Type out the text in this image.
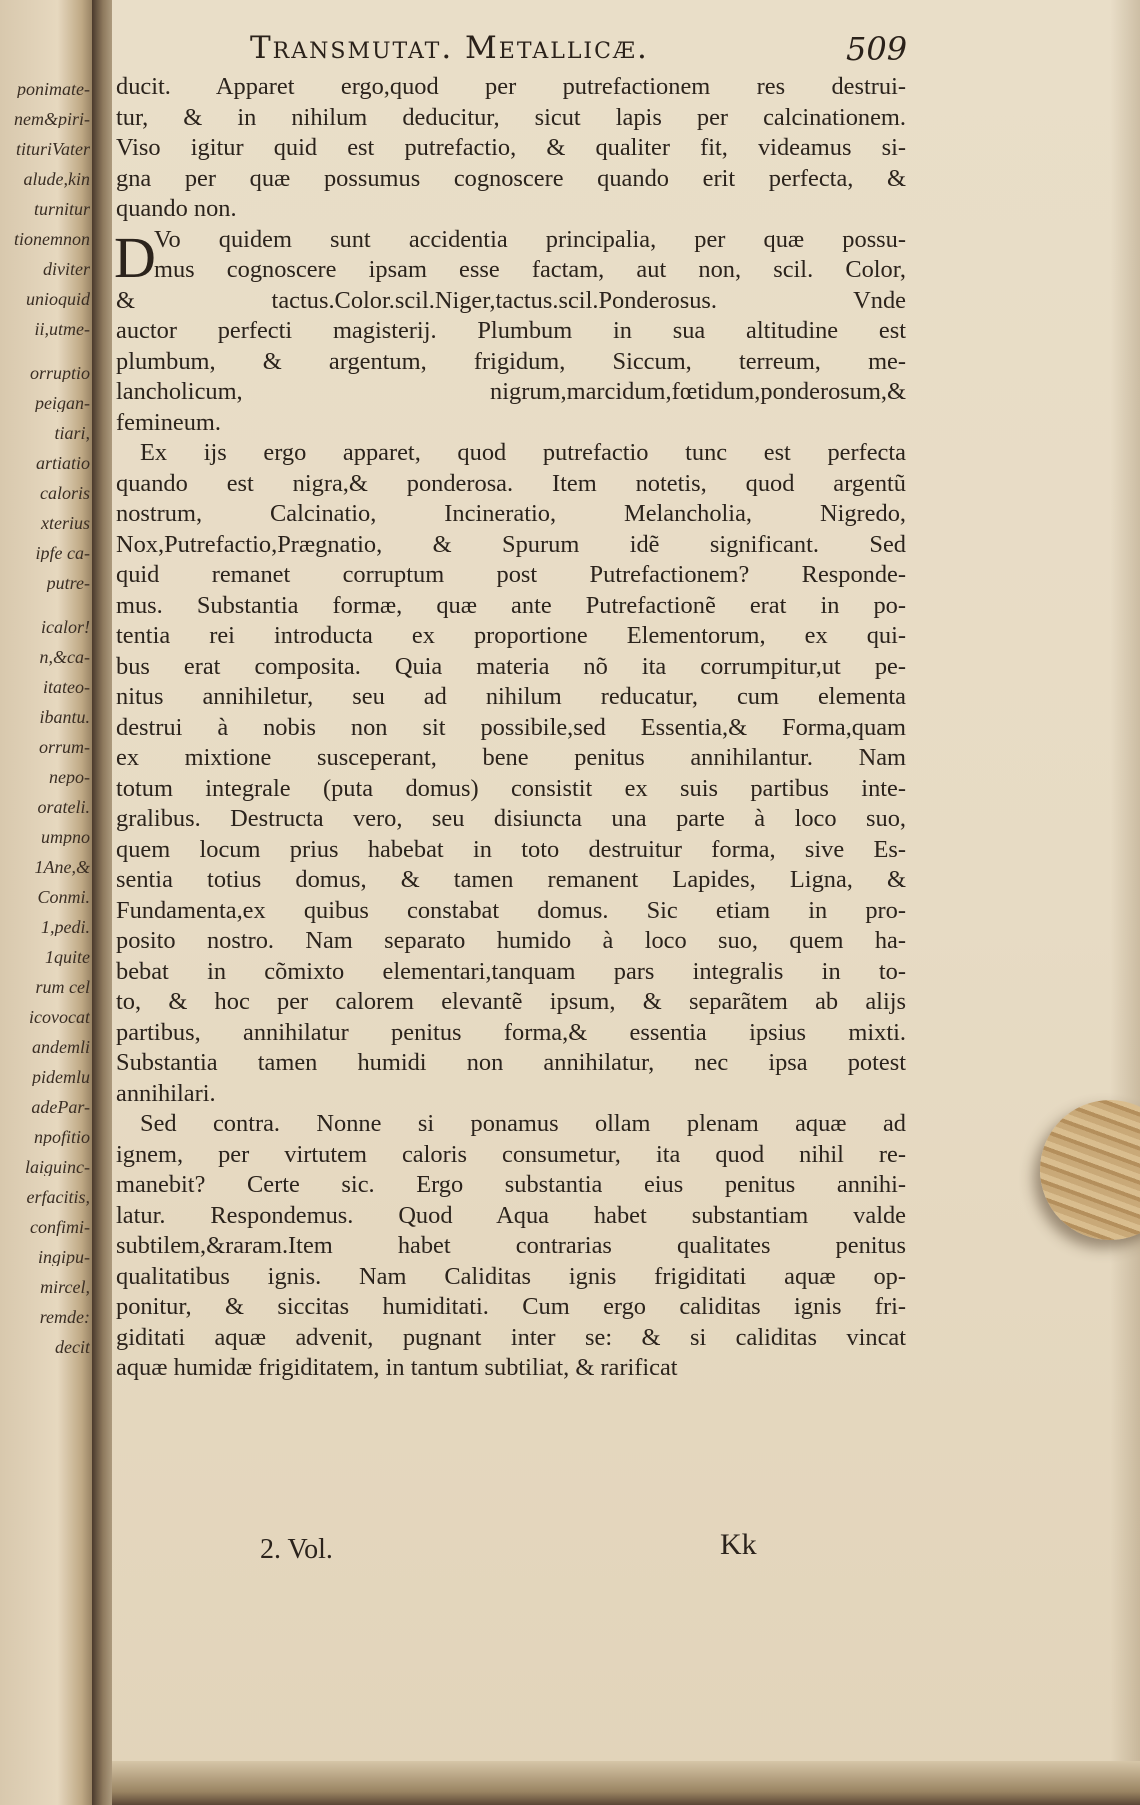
ponimate-
nem&piri-
tituriVater
alude,kin
turnitur
tionemnon
diviter
unioquid
ii,utme-
orruptio
peigan-
tiari,
artiatio
caloris
xterius
ipfe ca-
putre-
icalor!
n,&ca-
itateo-
ibantu.
orrum-
nepo-
orateli.
umpno
1Ane,&
Conmi.
1,pedi.
1quite
rum cel
icovocat
andemli
pidemlu
adePar-
npofitio
laiguinc-
erfacitis,
confimi-
ingipu-
mircel,
remde:
decit
Transmutat. Metallicæ.	509

ducit. Apparet ergo,quod per putrefactionem res destrui-
tur, & in nihilum deducitur, sicut lapis per calcinationem.
Viso igitur quid est putrefactio, & qualiter fit, videamus si-
gna per quæ possumus cognoscere quando erit perfecta, &
quando non.

D
Vo quidem sunt accidentia principalia, per quæ possu-
mus cognoscere ipsam esse factam, aut non, scil. Color,
& tactus.Color.scil.Niger,tactus.scil.Ponderosus. Vnde
auctor perfecti magisterij. Plumbum in sua altitudine est
plumbum, & argentum, frigidum, Siccum, terreum, me-
lancholicum, nigrum,marcidum,fœtidum,ponderosum,&
femineum.

Ex ijs ergo apparet, quod putrefactio tunc est perfecta
quando est nigra,& ponderosa. Item notetis, quod argentũ
nostrum, Calcinatio, Incineratio, Melancholia, Nigredo,
Nox,Putrefactio,Prægnatio, & Spurum idẽ significant. Sed
quid remanet corruptum post Putrefactionem? Responde-
mus. Substantia formæ, quæ ante Putrefactionẽ erat in po-
tentia rei introducta ex proportione Elementorum, ex qui-
bus erat composita. Quia materia nõ ita corrumpitur,ut pe-
nitus annihiletur, seu ad nihilum reducatur, cum elementa
destrui à nobis non sit possibile,sed Essentia,& Forma,quam
ex mixtione susceperant, bene penitus annihilantur. Nam
totum integrale (puta domus) consistit ex suis partibus inte-
gralibus. Destructa vero, seu disiuncta una parte à loco suo,
quem locum prius habebat in toto destruitur forma, sive Es-
sentia totius domus, & tamen remanent Lapides, Ligna, &
Fundamenta,ex quibus constabat domus. Sic etiam in pro-
posito nostro. Nam separato humido à loco suo, quem ha-
bebat in cõmixto elementari,tanquam pars integralis in to-
to, & hoc per calorem elevantẽ ipsum, & separãtem ab alijs
partibus, annihilatur penitus forma,& essentia ipsius mixti.
Substantia tamen humidi non annihilatur, nec ipsa potest
annihilari.

Sed contra. Nonne si ponamus ollam plenam aquæ ad
ignem, per virtutem caloris consumetur, ita quod nihil re-
manebit? Certe sic. Ergo substantia eius penitus annihi-
latur. Respondemus. Quod Aqua habet substantiam valde
subtilem,&raram.Item habet contrarias qualitates penitus
qualitatibus ignis. Nam Caliditas ignis frigiditati aquæ op-
ponitur, & siccitas humiditati. Cum ergo caliditas ignis fri-
giditati aquæ advenit, pugnant inter se: & si caliditas vincat
aquæ humidæ frigiditatem, in tantum subtiliat, & rarificat

2. Vol.	Kk
